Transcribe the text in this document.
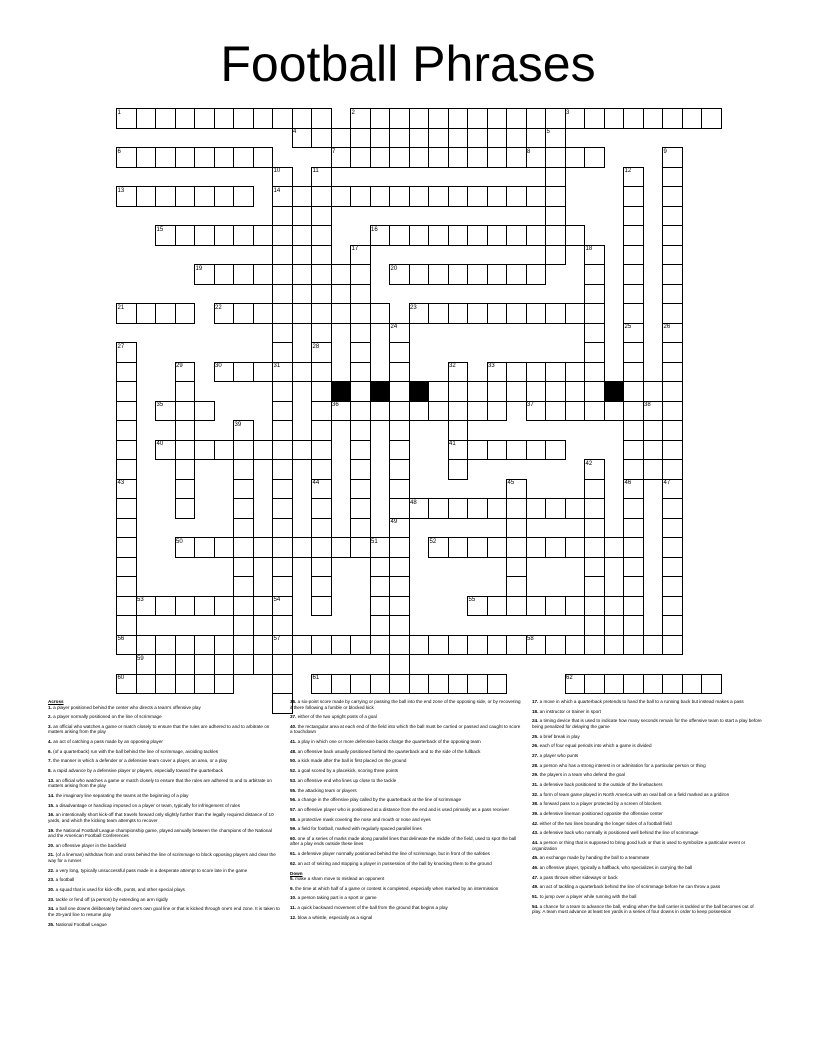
Football Phrases
1	2	3
4
6	7	8
13	14
15	16
19	20
21	22	23
30	33
34
35	36	37
40	41
48
50	52
53	55
56	57	58
59
60	61	62
5
9
10	11	12
17	18
24	25	26
27	28
29	31	32
38
39
42
43	44	45	46	47
49
51
54
Across
1. a player positioned behind the center who directs a team's offensive play
2. a player normally positioned on the line of scrimmage
3. an official who watches a game or match closely to ensure that the rules are adhered to and to arbitrate on matters arising from the play
4. an act of catching a pass made by an opposing player
6. (of a quarterback) run with the ball behind the line of scrimmage, avoiding tackles
7. the manner in which a defender or a defensive team cover a player, an area, or a play
8. a rapid advance by a defensive player or players, especially toward the quarterback
13. an official who watches a game or match closely to ensure that the rules are adhered to and to arbitrate on matters arising from the play
14. the imaginary line separating the teams at the beginning of a play
15. a disadvantage or handicap imposed on a player or team, typically for infringement of rules
16. an intentionally short kick-off that travels forward only slightly further than the legally required distance of 10 yards, and which the kicking team attempts to recover
19. the National Football League championship game, played annually between the champions of the National and the American Football Conferences
20. an offensive player in the backfield
21. (of a lineman) withdraw from and cross behind the line of scrimmage to block opposing players and clear the way for a runner
22. a very long, typically unsuccessful pass made in a desperate attempt to score late in the game
23. a football
30. a squad that is used for kick-offs, punts, and other special plays
33. tackle or fend off (a person) by extending an arm rigidly
34. a ball one downs deliberately behind one's own goal line or that is kicked through one's end zone. It is taken to the 25-yard line to resume play
35. National Football League
36. a six-point score made by carrying or passing the ball into the end zone of the opposing side, or by recovering it there following a fumble or blocked kick
37. either of the two upright posts of a goal
40. the rectangular area at each end of the field into which the ball must be carried or passed and caught to score a touchdown
41. a play in which one or more defensive backs charge the quarterback of the opposing team
48. an offensive back usually positioned behind the quarterback and to the side of the fullback
50. a kick made after the ball is first placed on the ground
52. a goal scored by a placekick, scoring three points
53. an offensive end who lines up close to the tackle
55. the attacking team or players
56. a change in the offensive play called by the quarterback at the line of scrimmage
57. an offensive player who is positioned at a distance from the end and is used primarily as a pass receiver
58. a protective mask covering the nose and mouth or nose and eyes
59. a field for football, marked with regularly spaced parallel lines
60. one of a series of marks made along parallel lines that delineate the middle of the field, used to spot the ball after a play ends outside these lines
61. a defensive player normally positioned behind the line of scrimmage, but in front of the safeties
62. an act of seizing and stopping a player in possession of the ball by knocking them to the ground
Down
5. make a sham move to mislead an opponent
9. the time at which half of a game or contest is completed, especially when marked by an intermission
10. a person taking part in a sport or game
11. a quick backward movement of the ball from the ground that begins a play
12. blow a whistle, especially as a signal
17. a move in which a quarterback pretends to hand the ball to a running back but instead makes a pass
18. an instructor or trainer in sport
24. a timing device that is used to indicate how many seconds remain for the offensive team to start a play before being penalized for delaying the game
25. a brief break in play
26. each of four equal periods into which a game is divided
27. a player who punts
28. a person who has a strong interest in or admiration for a particular person or thing
29. the players in a team who defend the goal
31. a defensive back positioned to the outside of the linebackers
32. a form of team game played in North America with an oval ball on a field marked as a gridiron
38. a forward pass to a player protected by a screen of blockers
39. a defensive lineman positioned opposite the offensive center
42. either of the two lines bounding the longer sides of a football field
43. a defensive back who normally is positioned well behind the line of scrimmage
44. a person or thing that is supposed to bring good luck or that is used to symbolize a particular event or organization
45. an exchange made by handing the ball to a teammate
46. an offensive player, typically a halfback, who specializes in carrying the ball
47. a pass thrown either sideways or back
49. an act of tackling a quarterback behind the line of scrimmage before he can throw a pass
51. to jump over a player while running with the ball
54. a chance for a team to advance the ball, ending when the ball carrier is tackled or the ball becomes out of play. A team must advance at least ten yards in a series of four downs in order to keep possession
